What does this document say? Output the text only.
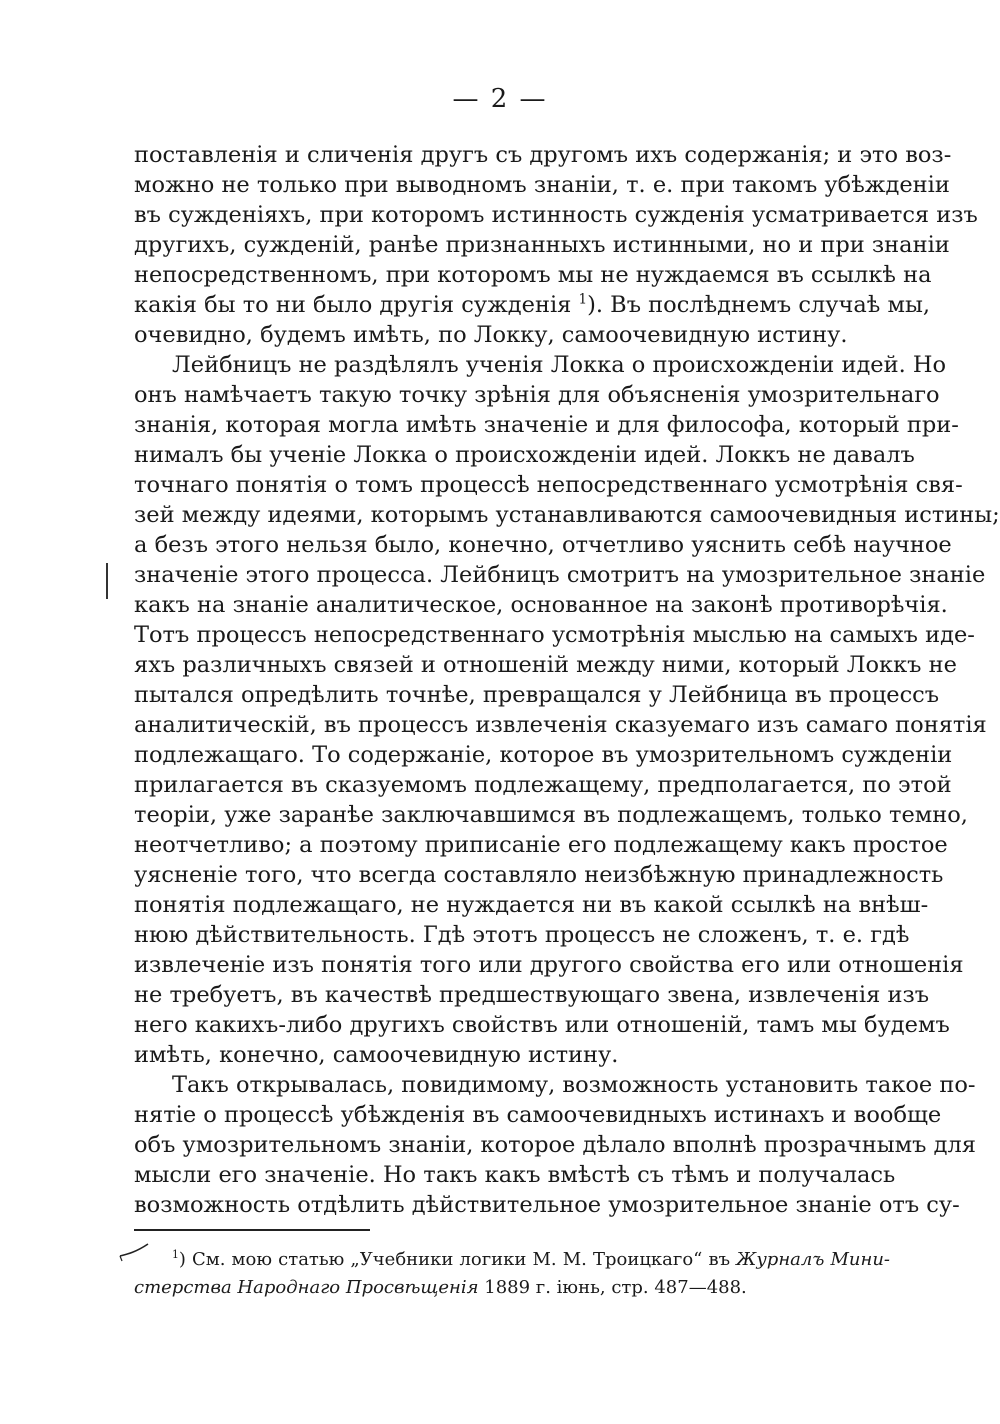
— 2 —
поставленія и сличенія другъ съ другомъ ихъ содержанія; и это воз-
можно не только при выводномъ знаніи, т. е. при такомъ убѣжденіи
въ сужденіяхъ, при которомъ истинность сужденія усматривается изъ
другихъ, сужденій, ранѣе признанныхъ истинными, но и при знаніи
непосредственномъ, при которомъ мы не нуждаемся въ ссылкѣ на
какія бы то ни было другія сужденія $^1$). Въ послѣднемъ случаѣ мы,
очевидно, будемъ имѣть, по Локку, самоочевидную истину.
Лейбницъ не раздѣлялъ ученія Локка о происхожденіи идей. Но
онъ намѣчаетъ такую точку зрѣнія для объясненія умозрительнаго
знанія, которая могла имѣть значеніе и для философа, который при-
нималъ бы ученіе Локка о происхожденіи идей. Локкъ не давалъ
точнаго понятія о томъ процессѣ непосредственнаго усмотрѣнія свя-
зей между идеями, которымъ устанавливаются самоочевидныя истины;
а безъ этого нельзя было, конечно, отчетливо уяснить себѣ научное
значеніе этого процесса. Лейбницъ смотритъ на умозрительное знаніе
какъ на знаніе аналитическое, основанное на законѣ противорѣчія.
Тотъ процессъ непосредственнаго усмотрѣнія мыслью на самыхъ иде-
яхъ различныхъ связей и отношеній между ними, который Локкъ не
пытался опредѣлить точнѣе, превращался у Лейбница въ процессъ
аналитическій, въ процессъ извлеченія сказуемаго изъ самаго понятія
подлежащаго. То содержаніе, которое въ умозрительномъ сужденіи
прилагается въ сказуемомъ подлежащему, предполагается, по этой
теоріи, уже заранѣе заключавшимся въ подлежащемъ, только темно,
неотчетливо; а поэтому приписаніе его подлежащему какъ простое
уясненіе того, что всегда составляло неизбѣжную принадлежность
понятія подлежащаго, не нуждается ни въ какой ссылкѣ на внѣш-
нюю дѣйствительность. Гдѣ этотъ процессъ не сложенъ, т. е. гдѣ
извлеченіе изъ понятія того или другого свойства его или отношенія
не требуетъ, въ качествѣ предшествующаго звена, извлеченія изъ
него какихъ-либо другихъ свойствъ или отношеній, тамъ мы будемъ
имѣть, конечно, самоочевидную истину.
Такъ открывалась, повидимому, возможность установить такое по-
нятіе о процессѣ убѣжденія въ самоочевидныхъ истинахъ и вообще
объ умозрительномъ знаніи, которое дѣлало вполнѣ прозрачнымъ для
мысли его значеніе. Но такъ какъ вмѣстѣ съ тѣмъ и получалась
возможность отдѣлить дѣйствительное умозрительное знаніе отъ су-
$^1$) См. мою статью „Учебники логики М. М. Троицкаго“ въ Журналъ Мини-
стерства Народнаго Просвѣщенія 1889 г. іюнь, стр. 487—488.
